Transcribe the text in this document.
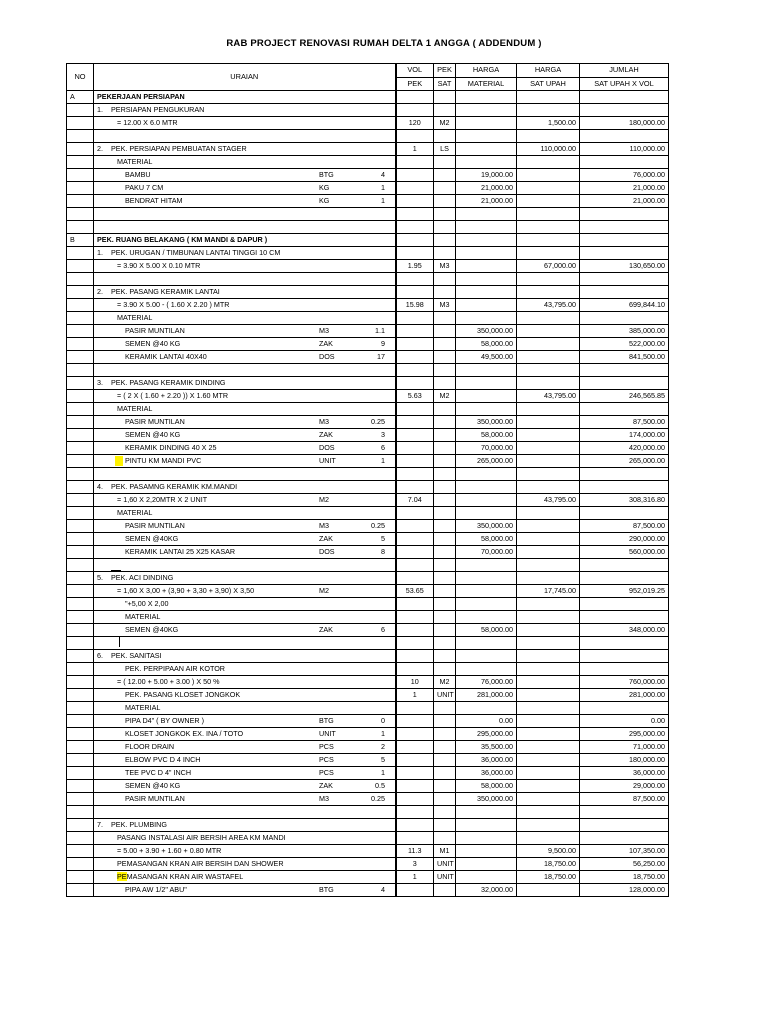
RAB PROJECT RENOVASI RUMAH DELTA 1 ANGGA ( ADDENDUM )
NO	URAIAN	VOL	PEK	HARGA	HARGA	JUMLAH
		PEK	SAT	MATERIAL	SAT UPAH	SAT UPAH X VOL
A	PEKERJAAN PERSIAPAN					

	1. PERSIAPAN PENGUKURAN					

	= 12.00 X 6.0 MTR	120	M2		1,500.00	180,000.00

	2. PEK. PERSIAPAN PEMBUATAN STAGER	1	LS		110,000.00	110,000.00

	MATERIAL					

	BAMBU BTG 4			19,000.00		76,000.00

	PAKU 7 CM KG 1			21,000.00		21,000.00

	BENDRAT HITAM KG 1			21,000.00		21,000.00

B	PEK. RUANG BELAKANG ( KM MANDI & DAPUR )					

	1. PEK. URUGAN / TIMBUNAN LANTAI TINGGI 10 CM					

	= 3.90 X 5.00 X 0.10 MTR	1.95	M3		67,000.00	130,650.00

	2. PEK. PASANG KERAMIK LANTAI					

	= 3.90 X 5.00 - ( 1.60 X 2.20 ) MTR	15.98	M3		43,795.00	699,844.10

	MATERIAL					

	PASIR MUNTILAN M3 1.1			350,000.00		385,000.00

	SEMEN @40 KG ZAK 9			58,000.00		522,000.00

	KERAMIK LANTAI 40X40 DOS 17			49,500.00		841,500.00

	3. PEK. PASANG KERAMIK DINDING					

	= ( 2 X ( 1.60 + 2.20 )) X 1.60 MTR	5.63	M2		43,795.00	246,565.85

	MATERIAL					

	PASIR MUNTILAN M3 0.25			350,000.00		87,500.00

	SEMEN @40 KG ZAK 3			58,000.00		174,000.00

	KERAMIK DINDING 40 X 25 DOS 6			70,000.00		420,000.00

	PINTU KM MANDI PVC UNIT 1			265,000.00		265,000.00

	4. PEK. PASAMNG KERAMIK KM.MANDI					

	= 1,60 X 2,20MTR X 2 UNIT M2	7.04			43,795.00	308,316.80

	MATERIAL					

	PASIR MUNTILAN M3 0.25			350,000.00		87,500.00

	SEMEN @40KG ZAK 5			58,000.00		290,000.00

	KERAMIK LANTAI 25 X25 KASAR DOS 8			70,000.00		560,000.00

	5. PEK. ACI DINDING					

	= 1,60 X 3,00 + (3,90 + 3,30 + 3,90) X 3,50 M2	53.65			17,745.00	952,019.25

	"+5,00 X 2,00					

	MATERIAL					

	SEMEN @40KG ZAK 6			58,000.00		348,000.00

	6. PEK. SANITASI					

	PEK. PERPIPAAN AIR KOTOR					

	= ( 12.00 + 5.00 + 3.00 ) X 50 %	10	M2	76,000.00		760,000.00

	PEK. PASANG KLOSET JONGKOK	1	UNIT	281,000.00		281,000.00

	MATERIAL					

	PIPA D4" ( BY OWNER ) BTG 0			0.00		0.00

	KLOSET JONGKOK EX. INA / TOTO UNIT 1			295,000.00		295,000.00

	FLOOR DRAIN PCS 2			35,500.00		71,000.00

	ELBOW PVC D 4 INCH PCS 5			36,000.00		180,000.00

	TEE PVC D 4" INCH PCS 1			36,000.00		36,000.00

	SEMEN @40 KG ZAK 0.5			58,000.00		29,000.00

	PASIR MUNTILAN M3 0.25			350,000.00		87,500.00

	7. PEK. PLUMBING					

	PASANG INSTALASI AIR BERSIH AREA KM MANDI					

	= 5.00 + 3.90 + 1.60 + 0.80 MTR	11.3	M1		9,500.00	107,350.00

	PEMASANGAN KRAN AIR BERSIH DAN SHOWER	3	UNIT		18,750.00	56,250.00

	PEMASANGAN KRAN AIR WASTAFEL	1	UNIT		18,750.00	18,750.00

	PIPA AW 1/2" ABU" BTG 4			32,000.00		128,000.00
